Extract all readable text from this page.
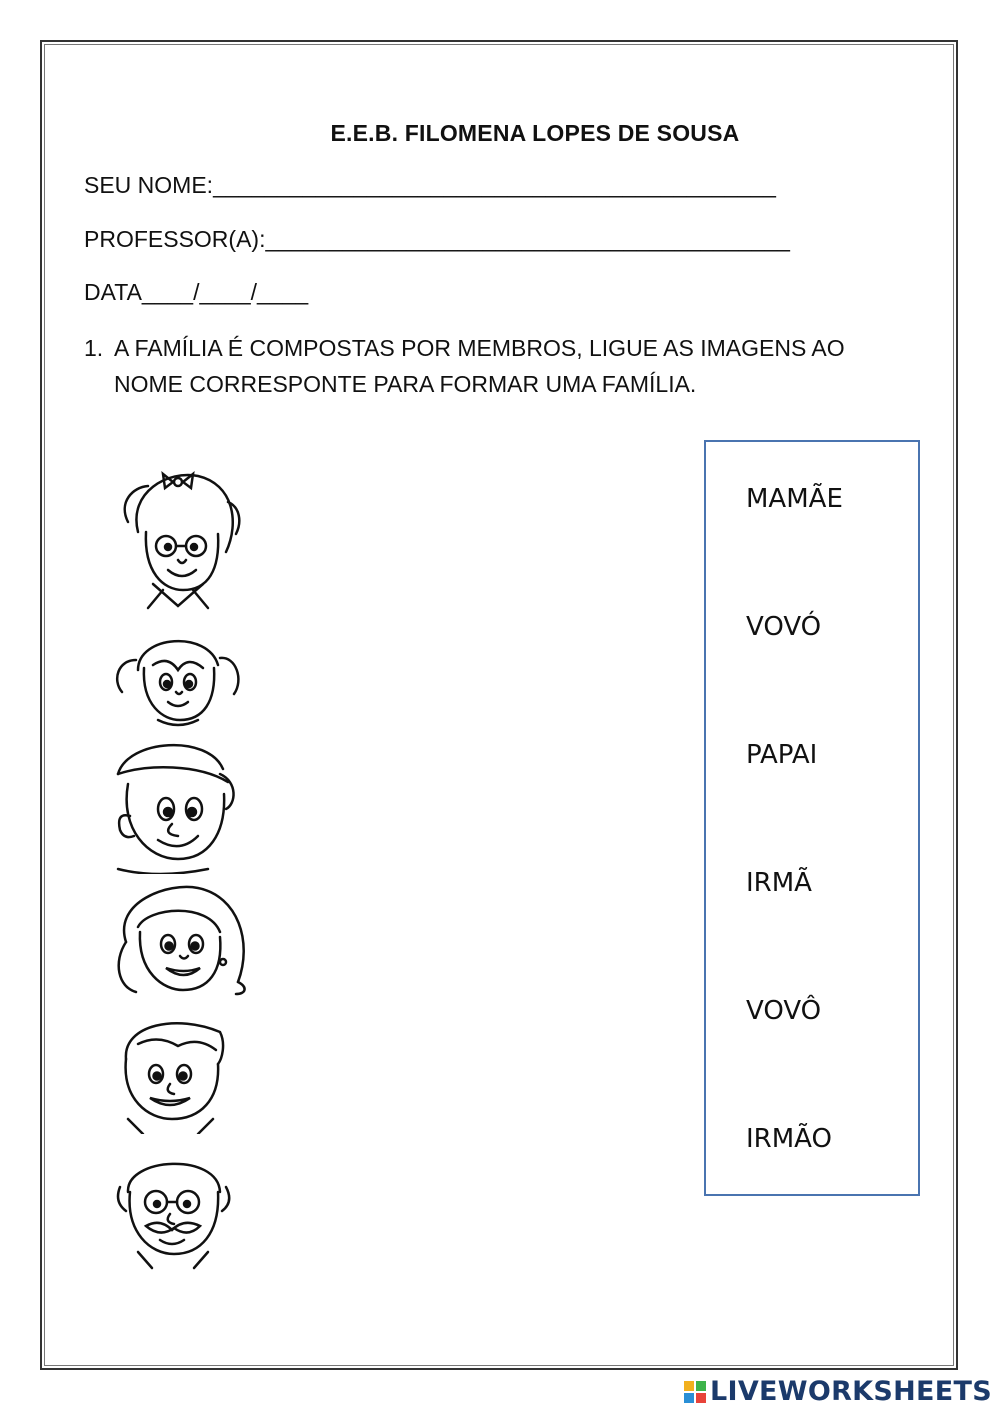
E.E.B. FILOMENA LOPES DE SOUSA
SEU NOME:____________________________________________
PROFESSOR(A):_________________________________________
DATA____/____/____
1. A FAMÍLIA É COMPOSTAS POR MEMBROS, LIGUE AS IMAGENS AO NOME CORRESPONTE PARA FORMAR UMA FAMÍLIA.
MAMÃE
VOVÓ
PAPAI
IRMÃ
VOVÔ
IRMÃO
LIVEWORKSHEETS
